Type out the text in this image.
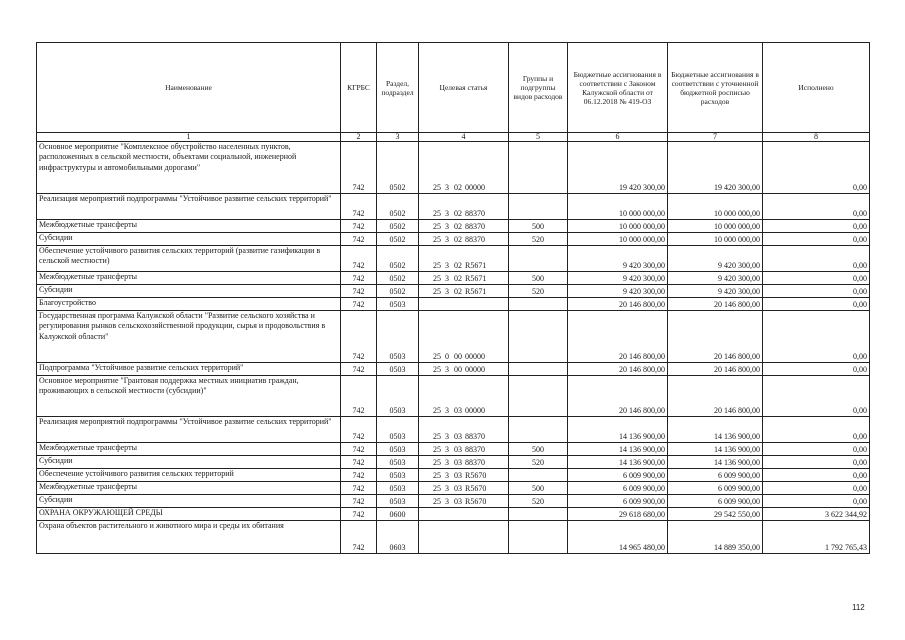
Наименование	КГРБС	Раздел, подраздел	Целевая статья	Группы и подгруппы видов расходов	Бюджетные ассигнования в соответствии с Законом Калужской области от 06.12.2018 № 419-ОЗ	Бюджетные ассигнования в соответствии с уточненной бюджетной росписью расходов	Исполнено
1	2	3	4	5	6	7	8
Основное мероприятие "Комплексное обустройство населенных пунктов, расположенных в сельской местности, объектами социальной, инженерной инфраструктуры и автомобильными дорогами"	742	0502	25 3 02 00000		19 420 300,00	19 420 300,00	0,00
Реализация мероприятий подпрограммы "Устойчивое развитие сельских территорий"	742	0502	25 3 02 88370		10 000 000,00	10 000 000,00	0,00
Межбюджетные трансферты	742	0502	25 3 02 88370	500	10 000 000,00	10 000 000,00	0,00
Субсидии	742	0502	25 3 02 88370	520	10 000 000,00	10 000 000,00	0,00
Обеспечение устойчивого развития сельских территорий (развитие газификации в сельской местности)	742	0502	25 3 02 R5671		9 420 300,00	9 420 300,00	0,00
Межбюджетные трансферты	742	0502	25 3 02 R5671	500	9 420 300,00	9 420 300,00	0,00
Субсидии	742	0502	25 3 02 R5671	520	9 420 300,00	9 420 300,00	0,00
Благоустройство	742	0503			20 146 800,00	20 146 800,00	0,00
Государственная программа Калужской области "Развитие сельского хозяйства и регулирования рынков сельскохозяйственной продукции, сырья и продовольствия в Калужской области"	742	0503	25 0 00 00000		20 146 800,00	20 146 800,00	0,00
Подпрограмма "Устойчивое развитие сельских территорий"	742	0503	25 3 00 00000		20 146 800,00	20 146 800,00	0,00
Основное мероприятие "Грантовая поддержка местных инициатив граждан, проживающих в сельской местности (субсидии)"	742	0503	25 3 03 00000		20 146 800,00	20 146 800,00	0,00
Реализация мероприятий подпрограммы "Устойчивое развитие сельских территорий"	742	0503	25 3 03 88370		14 136 900,00	14 136 900,00	0,00
Межбюджетные трансферты	742	0503	25 3 03 88370	500	14 136 900,00	14 136 900,00	0,00
Субсидии	742	0503	25 3 03 88370	520	14 136 900,00	14 136 900,00	0,00
Обеспечение устойчивого развития сельских территорий	742	0503	25 3 03 R5670		6 009 900,00	6 009 900,00	0,00
Межбюджетные трансферты	742	0503	25 3 03 R5670	500	6 009 900,00	6 009 900,00	0,00
Субсидии	742	0503	25 3 03 R5670	520	6 009 900,00	6 009 900,00	0,00
ОХРАНА ОКРУЖАЮЩЕЙ СРЕДЫ	742	0600			29 618 680,00	29 542 550,00	3 622 344,92
Охрана объектов растительного и животного мира и среды их обитания	742	0603			14 965 480,00	14 889 350,00	1 792 765,43
112
